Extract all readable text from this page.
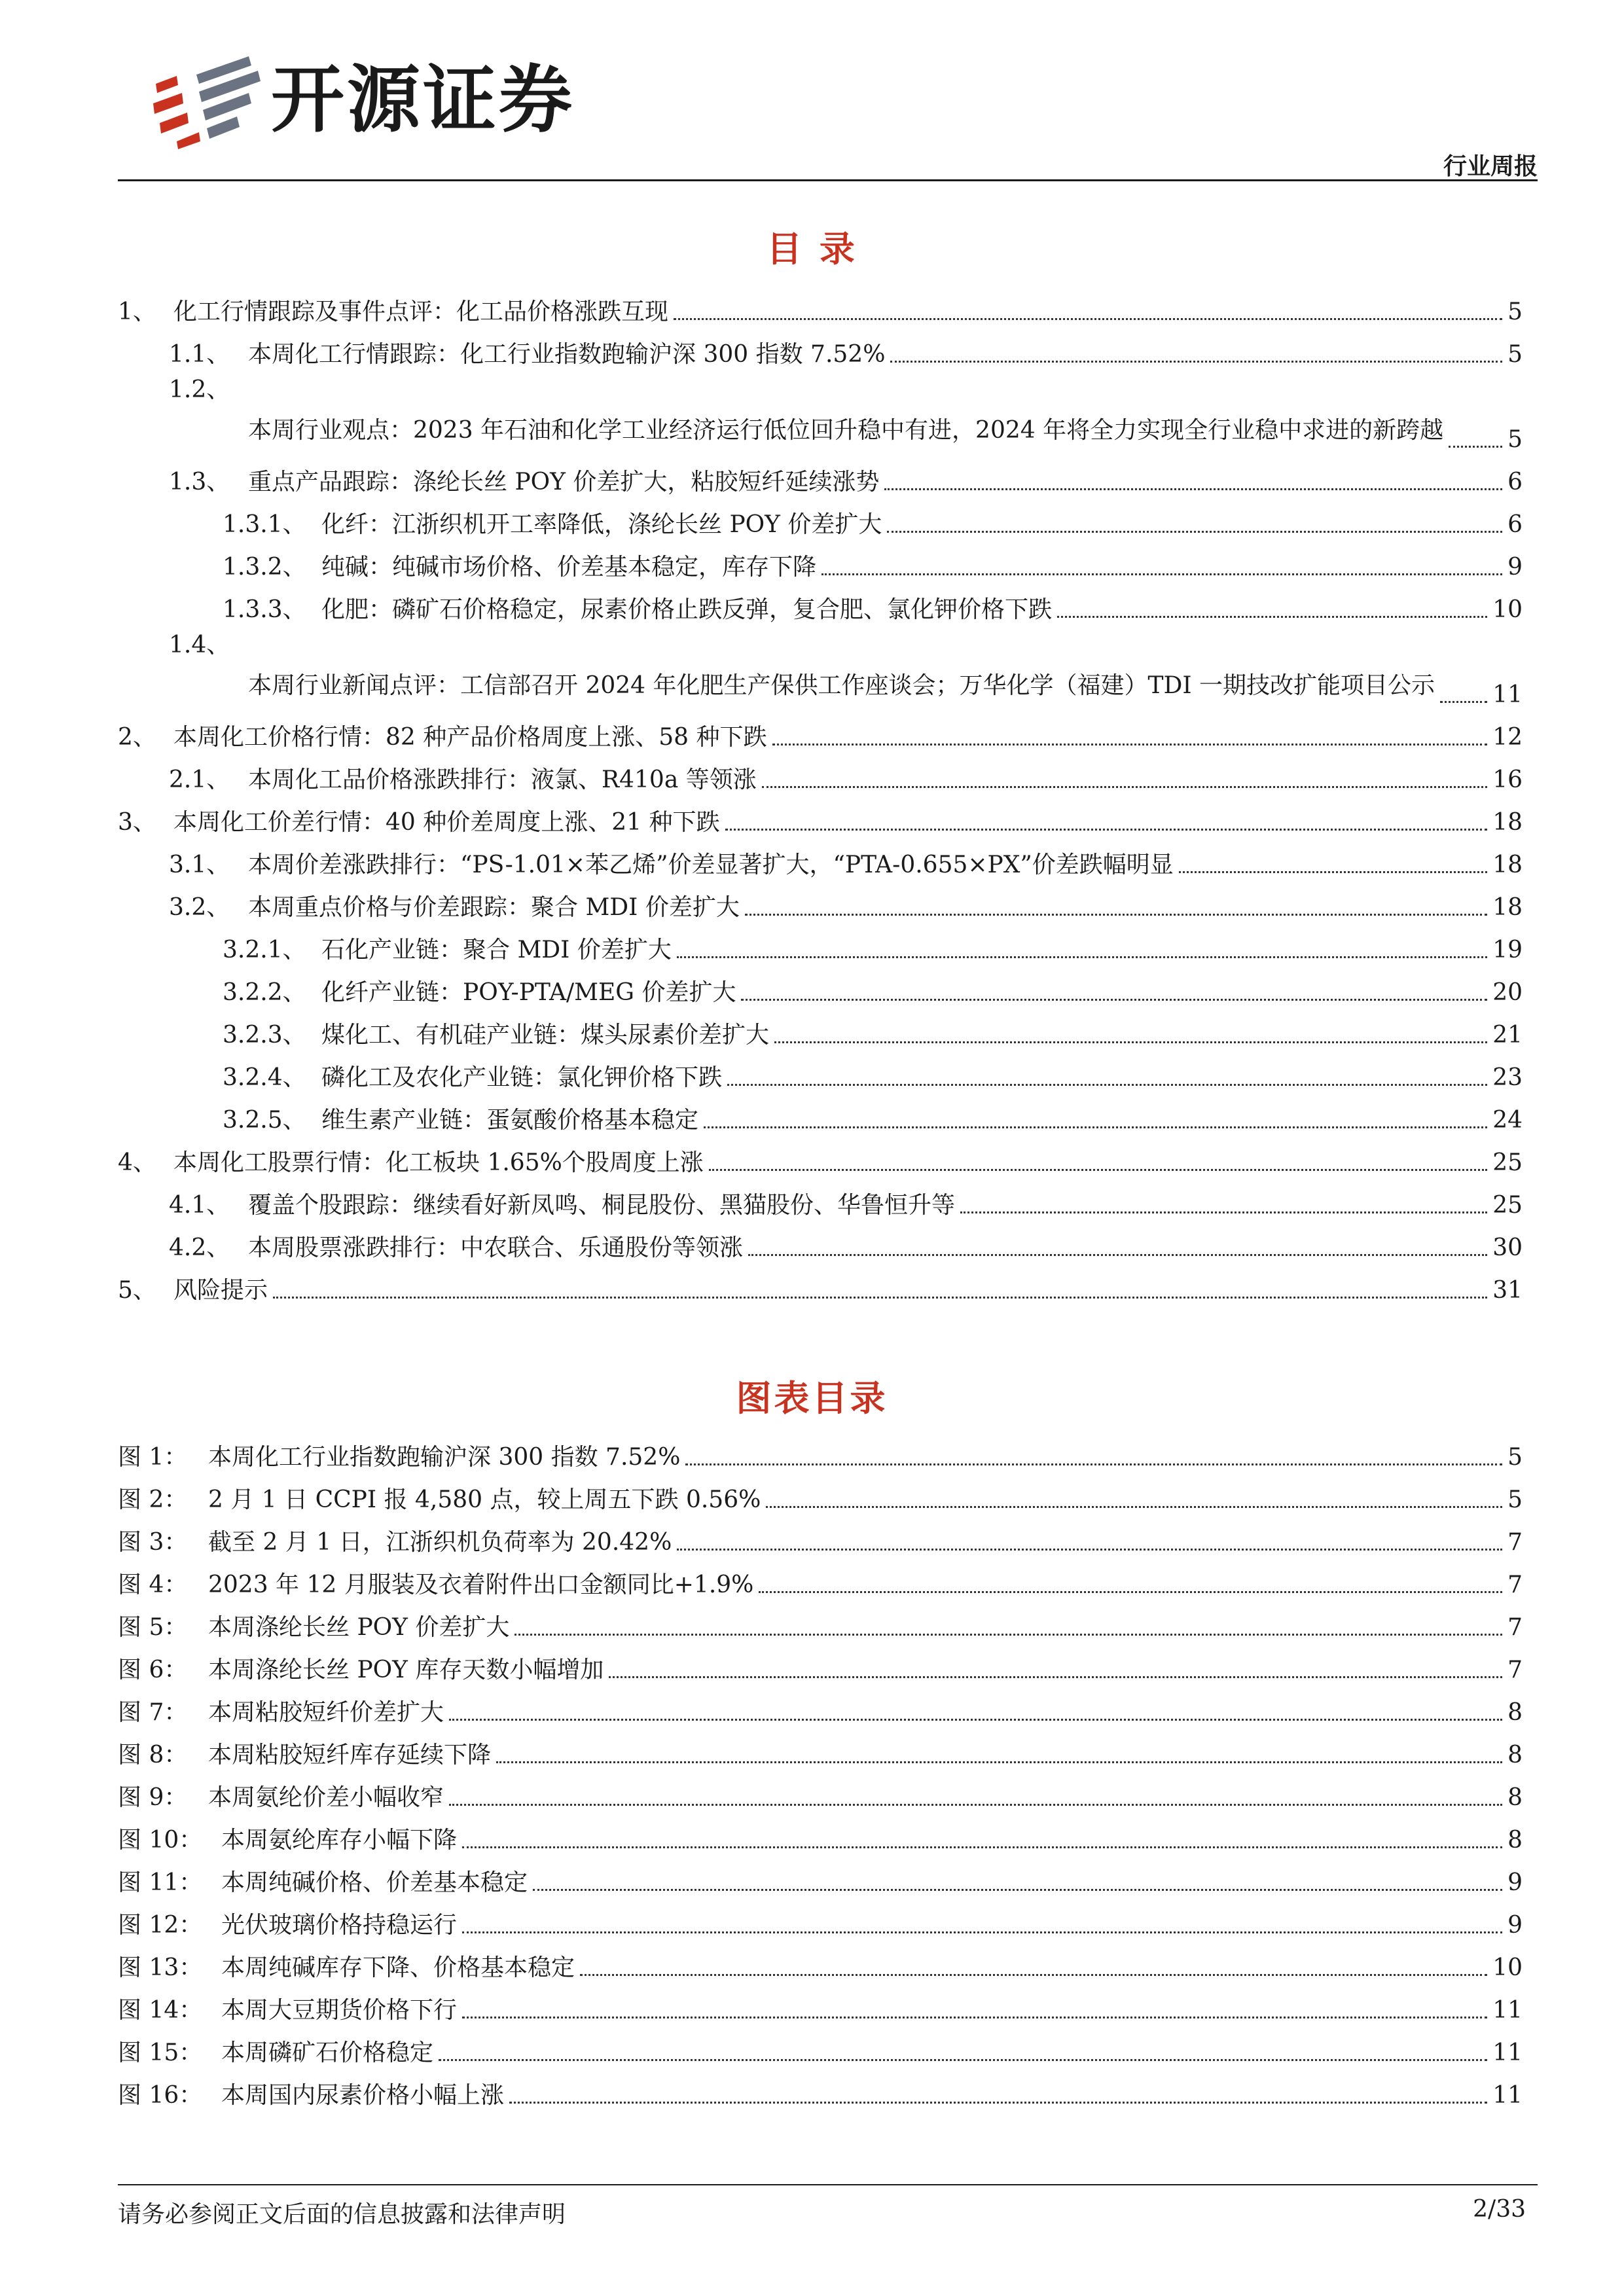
开源证券
行业周报
目 录
1、 化工行情跟踪及事件点评：化工品价格涨跌互现	5
1.1、 本周化工行情跟踪：化工行业指数跑输沪深 300 指数 7.52%	5
1.2、
本周行业观点：2023 年石油和化学工业经济运行低位回升稳中有进，2024 年将全力实现全行业稳中求进的新跨越	5
1.3、 重点产品跟踪：涤纶长丝 POY 价差扩大，粘胶短纤延续涨势	6
1.3.1、 化纤：江浙织机开工率降低，涤纶长丝 POY 价差扩大	6
1.3.2、 纯碱：纯碱市场价格、价差基本稳定，库存下降	9
1.3.3、 化肥：磷矿石价格稳定，尿素价格止跌反弹，复合肥、氯化钾价格下跌	10
1.4、
本周行业新闻点评：工信部召开 2024 年化肥生产保供工作座谈会；万华化学（福建）TDI 一期技改扩能项目公示 11
2、 本周化工价格行情：82 种产品价格周度上涨、58 种下跌	12
2.1、 本周化工品价格涨跌排行：液氯、R410a 等领涨	16
3、 本周化工价差行情：40 种价差周度上涨、21 种下跌	18
3.1、 本周价差涨跌排行：“PS-1.01×苯乙烯”价差显著扩大，“PTA-0.655×PX”价差跌幅明显	18
3.2、 本周重点价格与价差跟踪：聚合 MDI 价差扩大	18
3.2.1、 石化产业链：聚合 MDI 价差扩大	19
3.2.2、 化纤产业链：POY-PTA/MEG 价差扩大	20
3.2.3、 煤化工、有机硅产业链：煤头尿素价差扩大	21
3.2.4、 磷化工及农化产业链：氯化钾价格下跌	23
3.2.5、 维生素产业链：蛋氨酸价格基本稳定	24
4、 本周化工股票行情：化工板块 1.65%个股周度上涨	25
4.1、 覆盖个股跟踪：继续看好新凤鸣、桐昆股份、黑猫股份、华鲁恒升等	25
4.2、 本周股票涨跌排行：中农联合、乐通股份等领涨	30
5、 风险提示	31
图表目录
图 1： 本周化工行业指数跑输沪深 300 指数 7.52%	5
图 2： 2 月 1 日 CCPI 报 4,580 点，较上周五下跌 0.56%	5
图 3： 截至 2 月 1 日，江浙织机负荷率为 20.42%	7
图 4： 2023 年 12 月服装及衣着附件出口金额同比+1.9%	7
图 5： 本周涤纶长丝 POY 价差扩大	7
图 6： 本周涤纶长丝 POY 库存天数小幅增加	7
图 7： 本周粘胶短纤价差扩大	8
图 8： 本周粘胶短纤库存延续下降	8
图 9： 本周氨纶价差小幅收窄	8
图 10： 本周氨纶库存小幅下降	8
图 11： 本周纯碱价格、价差基本稳定	9
图 12： 光伏玻璃价格持稳运行	9
图 13： 本周纯碱库存下降、价格基本稳定	10
图 14： 本周大豆期货价格下行	11
图 15： 本周磷矿石价格稳定	11
图 16： 本周国内尿素价格小幅上涨	11
请务必参阅正文后面的信息披露和法律声明	2/33
